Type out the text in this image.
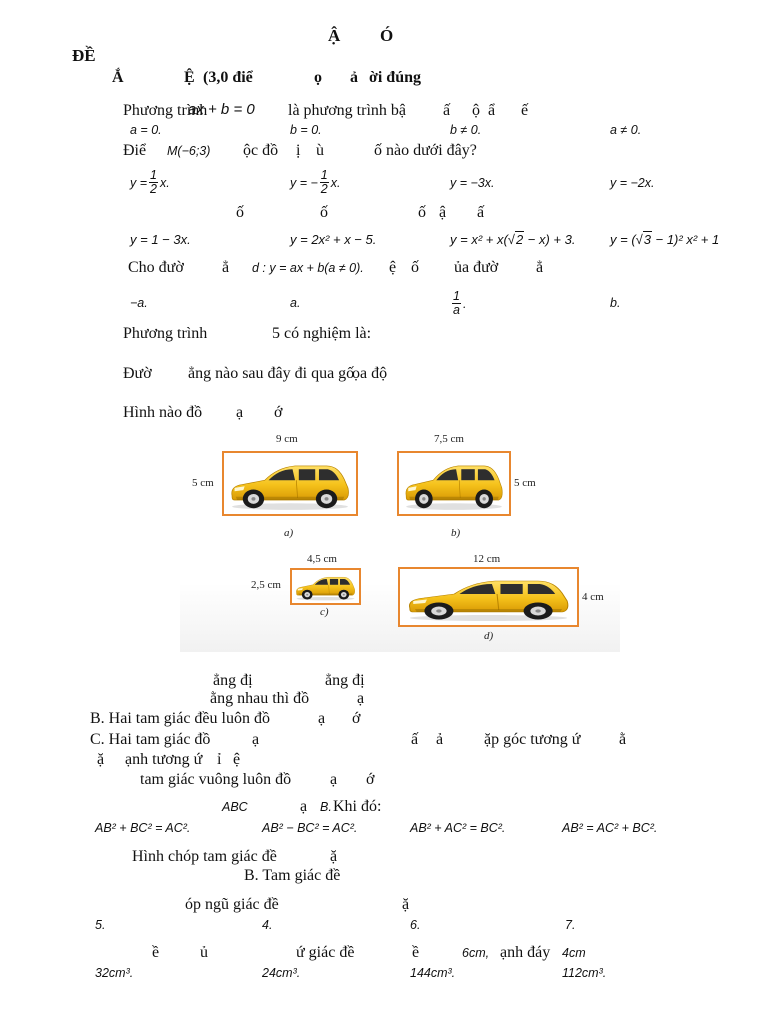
Ậ Ó
ĐỀ
Ắ	Ệ (3,0 điể	ọ ả ời đúng
Phương trình
ax + b = 0 là phương trình bậ ấ ộ ẩ ế
a = 0.	b = 0.	b ≠ 0.	a ≠ 0.
Điể M(−6;3) ộc đồ ị ù	ố nào dưới đây?
$y = \frac{1}{2} x$.	y = − $\frac{1}{2} x$.	y = −3x.	y = −2x.
ố	ố	ố ậ ấ
y = 1 − 3x.	y = 2x² + x − 5.	y = x² + x(√2 − x) + 3.	y = (√3 − 1)² x² + 1
Cho đườ ẳ d : y = ax + b(a ≠ 0). ệ ố ủa đườ ẳ
−a.	a.	$\frac{1}{a}$ .	b.
Phương trình	5 có nghiệm là:
Đườ ẳng nào sau đây đi qua gố
ọa độ
Hình nào đồ ạ ớ
9 cm
5 cm
a)
7,5 cm
5 cm
b)
4,5 cm
2,5 cm
c)
12 cm
4 cm
d)
ẳng đị	ẳng đị
ằng nhau thì đồ	ạ
B. Hai tam giác đều luôn đồ	ạ ớ
C. Hai tam giác đồ	ạ	ấ ả	ặp góc tương ứ ằ
ặ ạnh tương ứ ỉ ệ
tam giác vuông luôn đồ ạ ớ
ABC	ạ B. Khi đó:
AB² + BC² = AC².	AB² − BC² = AC².	AB² + AC² = BC².	AB² = AC² + BC².
Hình chóp tam giác đề	ặ
B. Tam giác đề
óp ngũ giác đề	ặ
5.	4.	6.	7.
ề	ủ	ứ giác đề	ề	6cm, ạnh đáy 4cm
32cm³.	24cm³.	144cm³.	112cm³.
